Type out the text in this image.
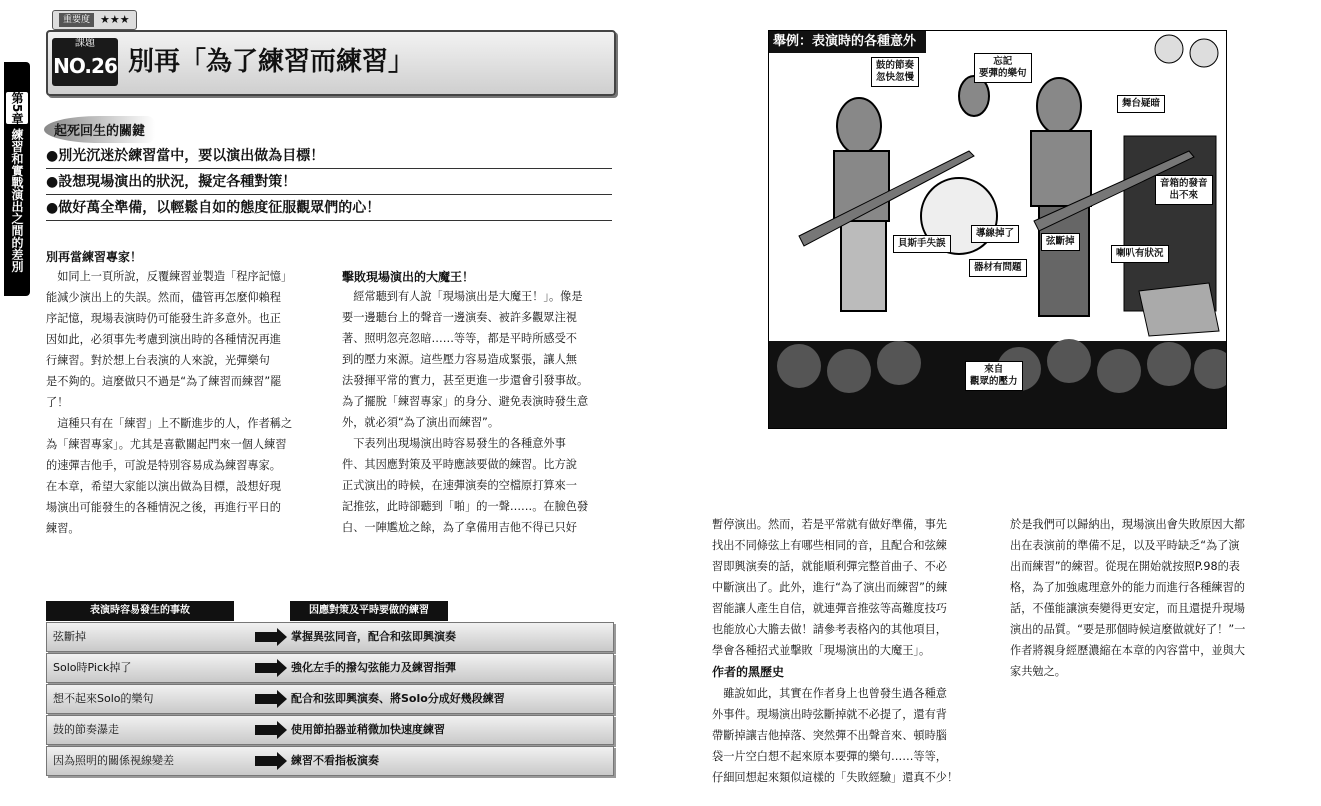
重要度 ★★★
課題
NO.26 別再「為了練習而練習」
第5章 練習和實戰演出之間的差別	起死回生的關鍵
●別光沉迷於練習當中，要以演出做為目標！
●設想現場演出的狀況，擬定各種對策！
●做好萬全準備，以輕鬆自如的態度征服觀眾們的心！
別再當練習專家！
　如同上一頁所說，反覆練習並製造「程序記憶」
能減少演出上的失誤。然而，儘管再怎麼仰賴程
序記憶，現場表演時仍可能發生許多意外。也正
因如此，必須事先考慮到演出時的各種情況再進
行練習。對於想上台表演的人來說，光彈樂句
是不夠的。這麼做只不過是“為了練習而練習”罷
了！
　這種只有在「練習」上不斷進步的人，作者稱之
為「練習專家」。尤其是喜歡關起門來一個人練習
的速彈吉他手，可說是特別容易成為練習專家。
在本章，希望大家能以演出做為目標，設想好現
場演出可能發生的各種情況之後，再進行平日的
練習。
擊敗現場演出的大魔王！
　經常聽到有人說「現場演出是大魔王！」。像是
要一邊聽台上的聲音一邊演奏、被許多觀眾注視
著、照明忽亮忽暗……等等，都是平時所感受不
到的壓力來源。這些壓力容易造成緊張，讓人無
法發揮平常的實力，甚至更進一步還會引發事故。
為了擺脫「練習專家」的身分、避免表演時發生意
外，就必須“為了演出而練習”。
　下表列出現場演出時容易發生的各種意外事
件、其因應對策及平時應該要做的練習。比方說
正式演出的時候，在速彈演奏的空檔原打算來一
記推弦，此時卻聽到「啪」的一聲……。在臉色發
白、一陣尷尬之餘，為了拿備用吉他不得已只好
表演時容易發生的事故	因應對策及平時要做的練習
弦斷掉	掌握異弦同音，配合和弦即興演奏
Solo時Pick掉了	強化左手的撥勾弦能力及練習指彈
想不起來Solo的樂句	配合和弦即興演奏、將Solo分成好幾段練習
鼓的節奏瀑走	使用節拍器並稍微加快速度練習
因為照明的關係視線變差	練習不看指板演奏
舉例：表演時的各種意外
鼓的節奏
忽快忽慢
忘記
要彈的樂句
舞台疑暗
音箱的發音
出不來
貝斯手失誤
導線掉了
弦斷掉
器材有問題
喇叭有狀況
來自
觀眾的壓力
暫停演出。然而，若是平常就有做好準備，事先
找出不同條弦上有哪些相同的音，且配合和弦練
習即興演奏的話，就能順利彈完整首曲子、不必
中斷演出了。此外，進行“為了演出而練習”的練
習能讓人產生自信，就連彈音推弦等高難度技巧
也能放心大膽去做！請參考表格內的其他項目，
學會各種招式並擊敗「現場演出的大魔王」。
作者的黑歷史
　雖說如此，其實在作者身上也曾發生過各種意
外事件。現場演出時弦斷掉就不必提了，還有背
帶斷掉讓吉他掉落、突然彈不出聲音來、頓時腦
袋一片空白想不起來原本要彈的樂句……等等，
仔細回想起來類似這樣的「失敗經驗」還真不少！
於是我們可以歸納出，現場演出會失敗原因大都
出在表演前的準備不足，以及平時缺乏“為了演
出而練習”的練習。從現在開始就按照P.98的表
格，為了加強處理意外的能力而進行各種練習的
話，不僅能讓演奏變得更安定，而且還提升現場
演出的品質。“要是那個時候這麼做就好了！”一
作者將親身經歷濃縮在本章的內容當中，並與大
家共勉之。
